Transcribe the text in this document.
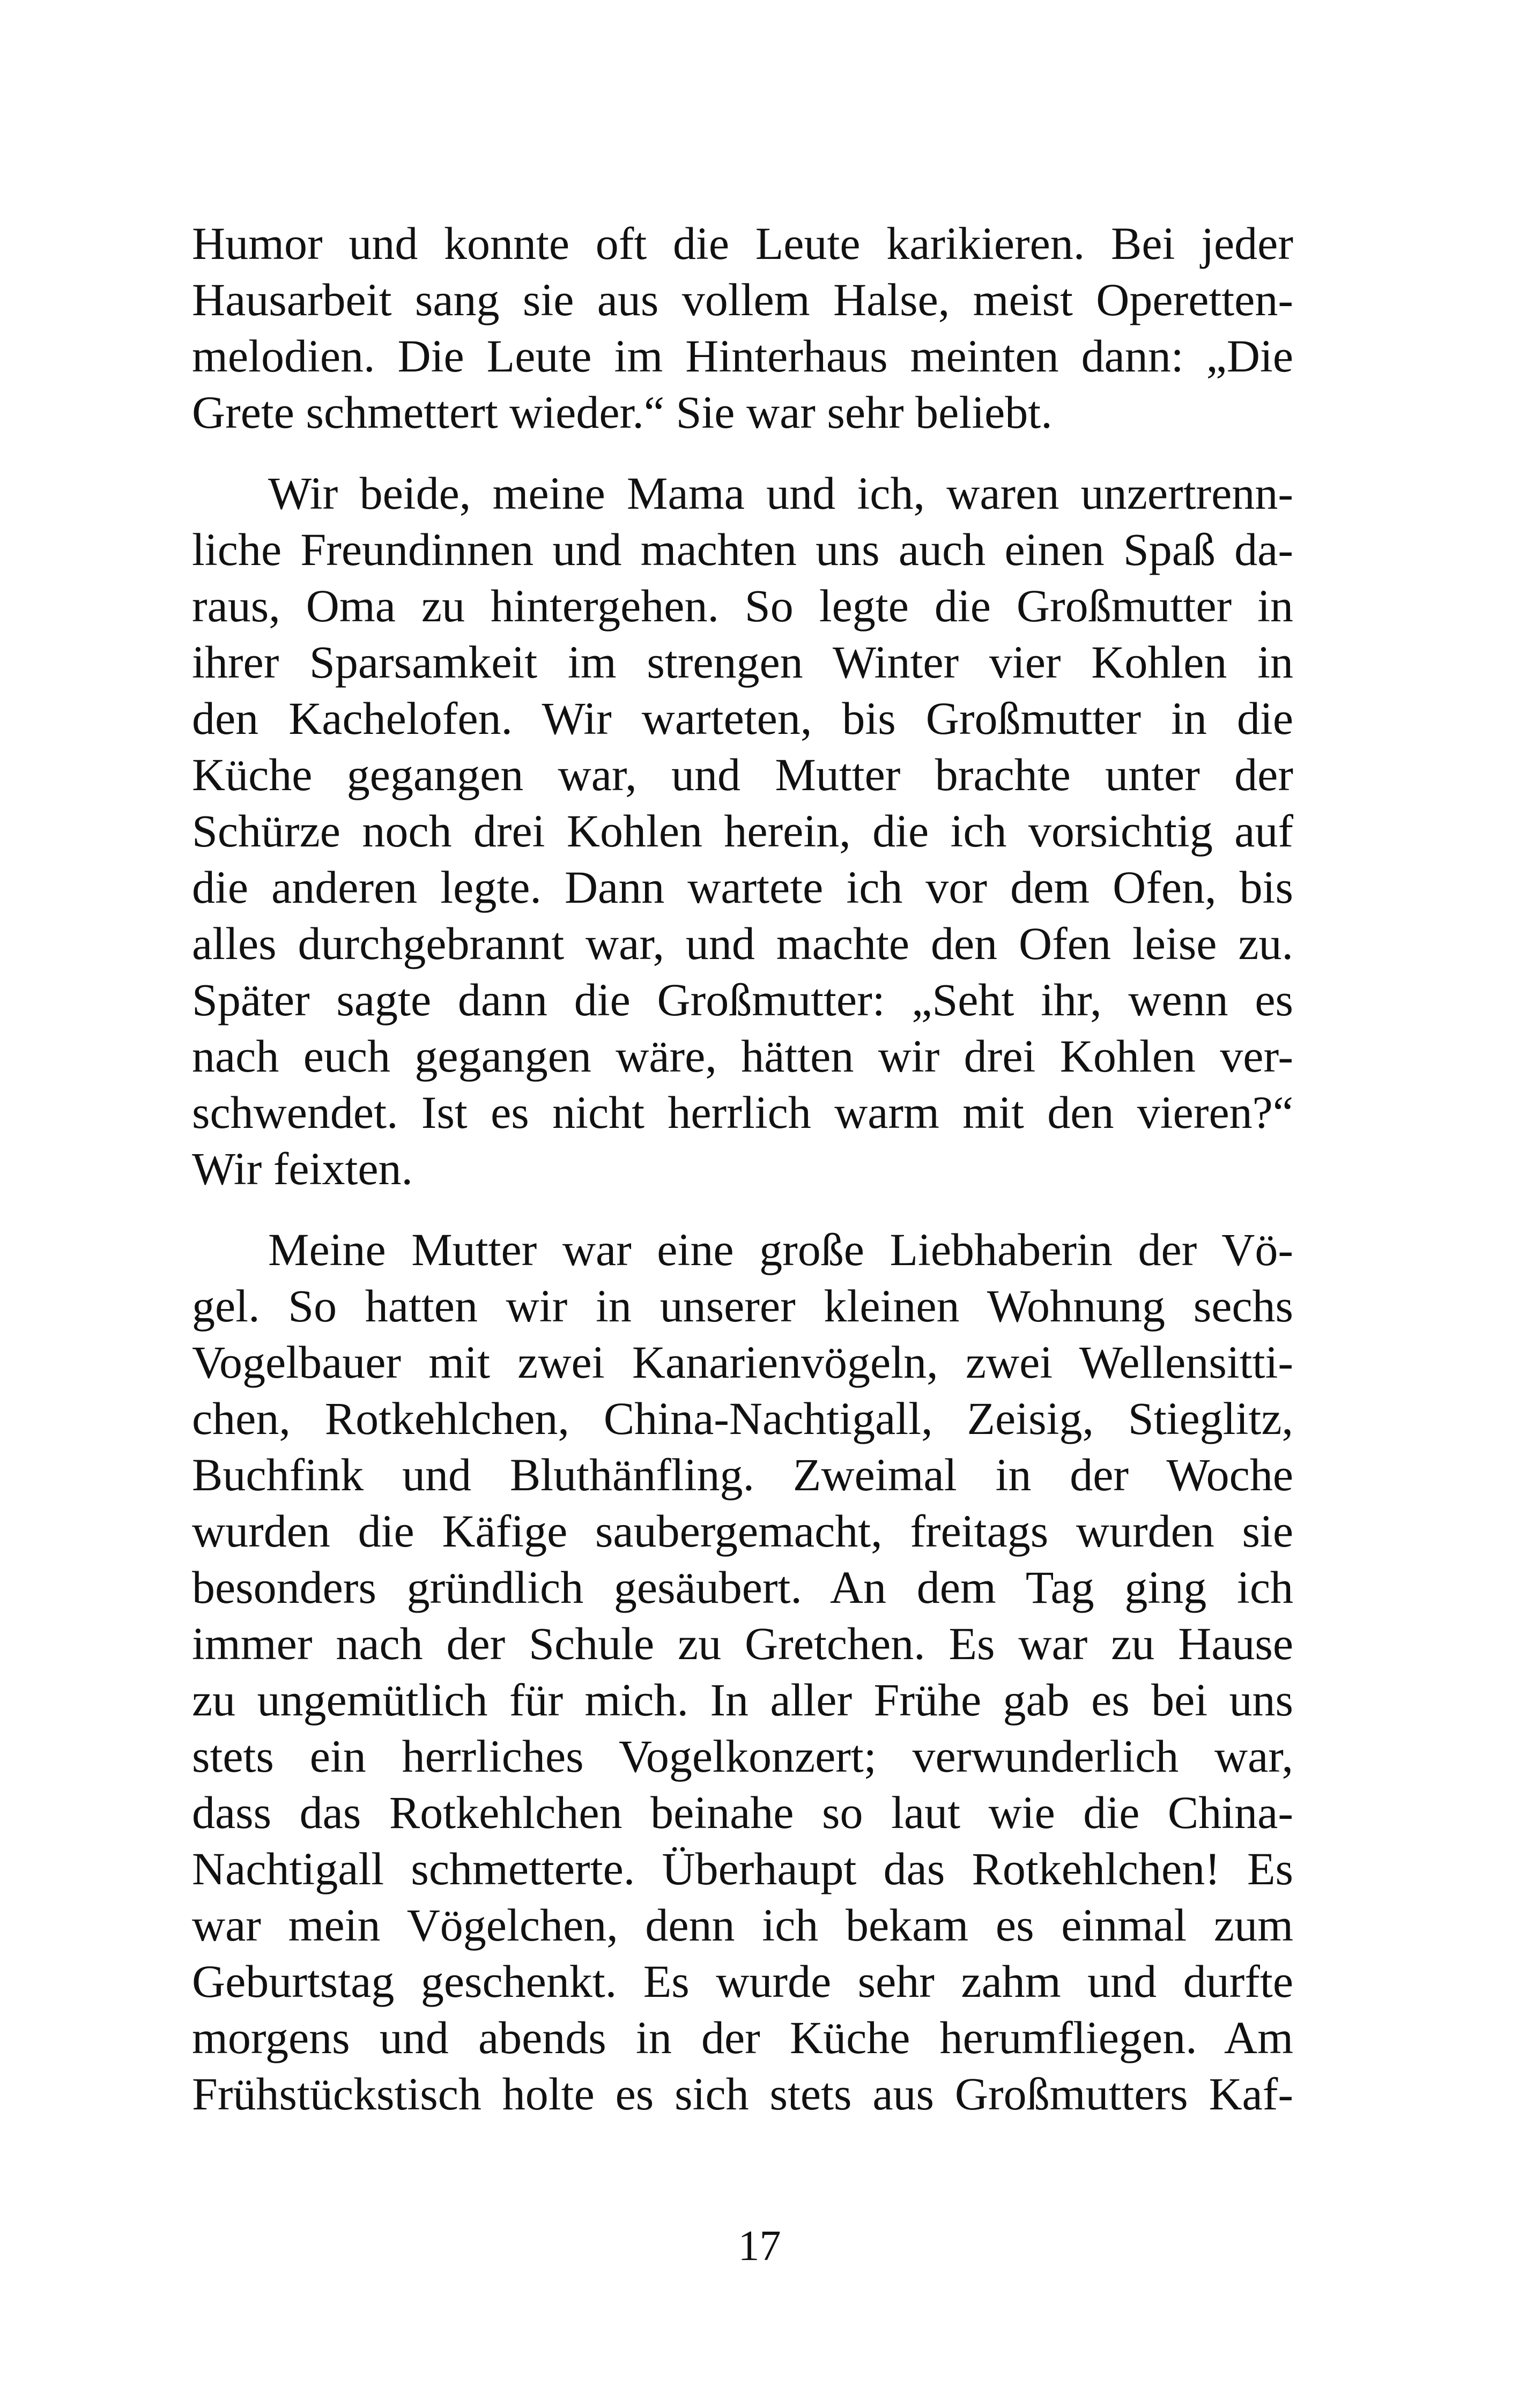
Humor und konnte oft die Leute karikieren. Bei jeder
Hausarbeit sang sie aus vollem Halse, meist Operetten-
melodien. Die Leute im Hinterhaus meinten dann: „Die
Grete schmettert wieder.“ Sie war sehr beliebt.

Wir beide, meine Mama und ich, waren unzertrenn-
liche Freundinnen und machten uns auch einen Spaß da-
raus, Oma zu hintergehen. So legte die Großmutter in
ihrer Sparsamkeit im strengen Winter vier Kohlen in
den Kachelofen. Wir warteten, bis Großmutter in die
Küche gegangen war, und Mutter brachte unter der
Schürze noch drei Kohlen herein, die ich vorsichtig auf
die anderen legte. Dann wartete ich vor dem Ofen, bis
alles durchgebrannt war, und machte den Ofen leise zu.
Später sagte dann die Großmutter: „Seht ihr, wenn es
nach euch gegangen wäre, hätten wir drei Kohlen ver-
schwendet. Ist es nicht herrlich warm mit den vieren?“
Wir feixten.

Meine Mutter war eine große Liebhaberin der Vö-
gel. So hatten wir in unserer kleinen Wohnung sechs
Vogelbauer mit zwei Kanarienvögeln, zwei Wellensitti-
chen, Rotkehlchen, China-Nachtigall, Zeisig, Stieglitz,
Buchfink und Bluthänfling. Zweimal in der Woche
wurden die Käfige saubergemacht, freitags wurden sie
besonders gründlich gesäubert. An dem Tag ging ich
immer nach der Schule zu Gretchen. Es war zu Hause
zu ungemütlich für mich. In aller Frühe gab es bei uns
stets ein herrliches Vogelkonzert; verwunderlich war,
dass das Rotkehlchen beinahe so laut wie die China-
Nachtigall schmetterte. Überhaupt das Rotkehlchen! Es
war mein Vögelchen, denn ich bekam es einmal zum
Geburtstag geschenkt. Es wurde sehr zahm und durfte
morgens und abends in der Küche herumfliegen. Am
Frühstückstisch holte es sich stets aus Großmutters Kaf-

17
